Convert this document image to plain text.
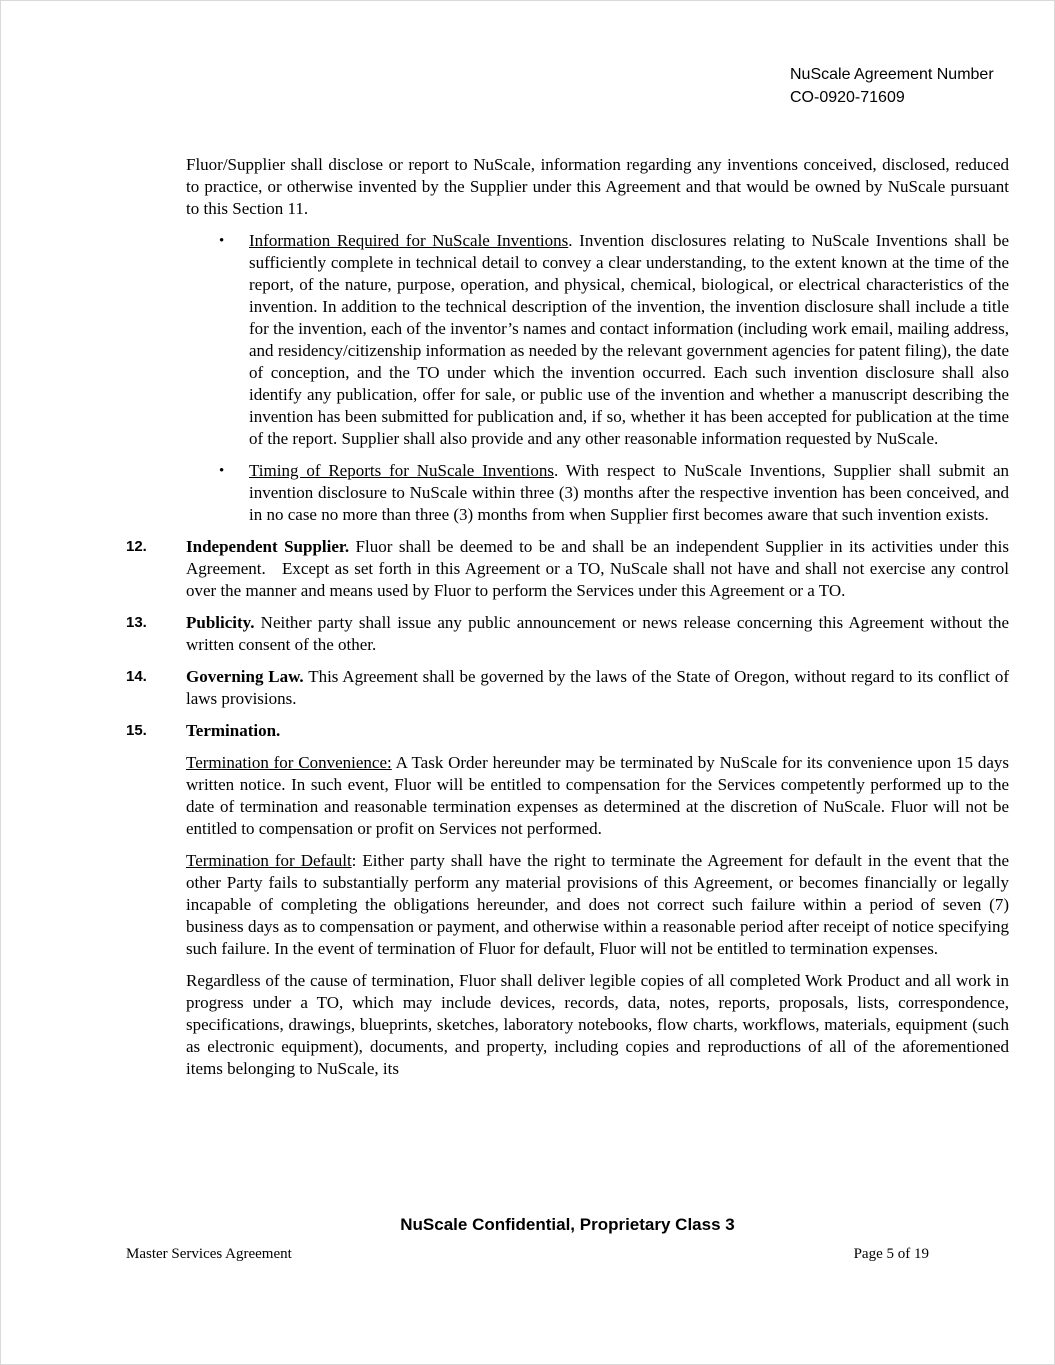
NuScale Agreement Number
CO-0920-71609

Fluor/Supplier shall disclose or report to NuScale, information regarding any inventions conceived, disclosed, reduced to practice, or otherwise invented by the Supplier under this Agreement and that would be owned by NuScale pursuant to this Section 11.

•	Information Required for NuScale Inventions. Invention disclosures relating to NuScale Inventions shall be sufficiently complete in technical detail to convey a clear understanding, to the extent known at the time of the report, of the nature, purpose, operation, and physical, chemical, biological, or electrical characteristics of the invention. In addition to the technical description of the invention, the invention disclosure shall include a title for the invention, each of the inventor’s names and contact information (including work email, mailing address, and residency/citizenship information as needed by the relevant government agencies for patent filing), the date of conception, and the TO under which the invention occurred. Each such invention disclosure shall also identify any publication, offer for sale, or public use of the invention and whether a manuscript describing the invention has been submitted for publication and, if so, whether it has been accepted for publication at the time of the report. Supplier shall also provide and any other reasonable information requested by NuScale.

•	Timing of Reports for NuScale Inventions. With respect to NuScale Inventions, Supplier shall submit an invention disclosure to NuScale within three (3) months after the respective invention has been conceived, and in no case no more than three (3) months from when Supplier first becomes aware that such invention exists.

12.	Independent Supplier. Fluor shall be deemed to be and shall be an independent Supplier in its activities under this Agreement.   Except as set forth in this Agreement or a TO, NuScale shall not have and shall not exercise any control over the manner and means used by Fluor to perform the Services under this Agreement or a TO.

13.	Publicity. Neither party shall issue any public announcement or news release concerning this Agreement without the written consent of the other.

14.	Governing Law. This Agreement shall be governed by the laws of the State of Oregon, without regard to its conflict of laws provisions.

15.	Termination.

Termination for Convenience: A Task Order hereunder may be terminated by NuScale for its convenience upon 15 days written notice. In such event, Fluor will be entitled to compensation for the Services competently performed up to the date of termination and reasonable termination expenses as determined at the discretion of NuScale. Fluor will not be entitled to compensation or profit on Services not performed.

Termination for Default: Either party shall have the right to terminate the Agreement for default in the event that the other Party fails to substantially perform any material provisions of this Agreement, or becomes financially or legally incapable of completing the obligations hereunder, and does not correct such failure within a period of seven (7) business days as to compensation or payment, and otherwise within a reasonable period after receipt of notice specifying such failure. In the event of termination of Fluor for default, Fluor will not be entitled to termination expenses.

Regardless of the cause of termination, Fluor shall deliver legible copies of all completed Work Product and all work in progress under a TO, which may include devices, records, data, notes, reports, proposals, lists, correspondence, specifications, drawings, blueprints, sketches, laboratory notebooks, flow charts, workflows, materials, equipment (such as electronic equipment), documents, and property, including copies and reproductions of all of the aforementioned items belonging to NuScale, its

NuScale Confidential, Proprietary Class 3
Master Services Agreement	Page 5 of 19
